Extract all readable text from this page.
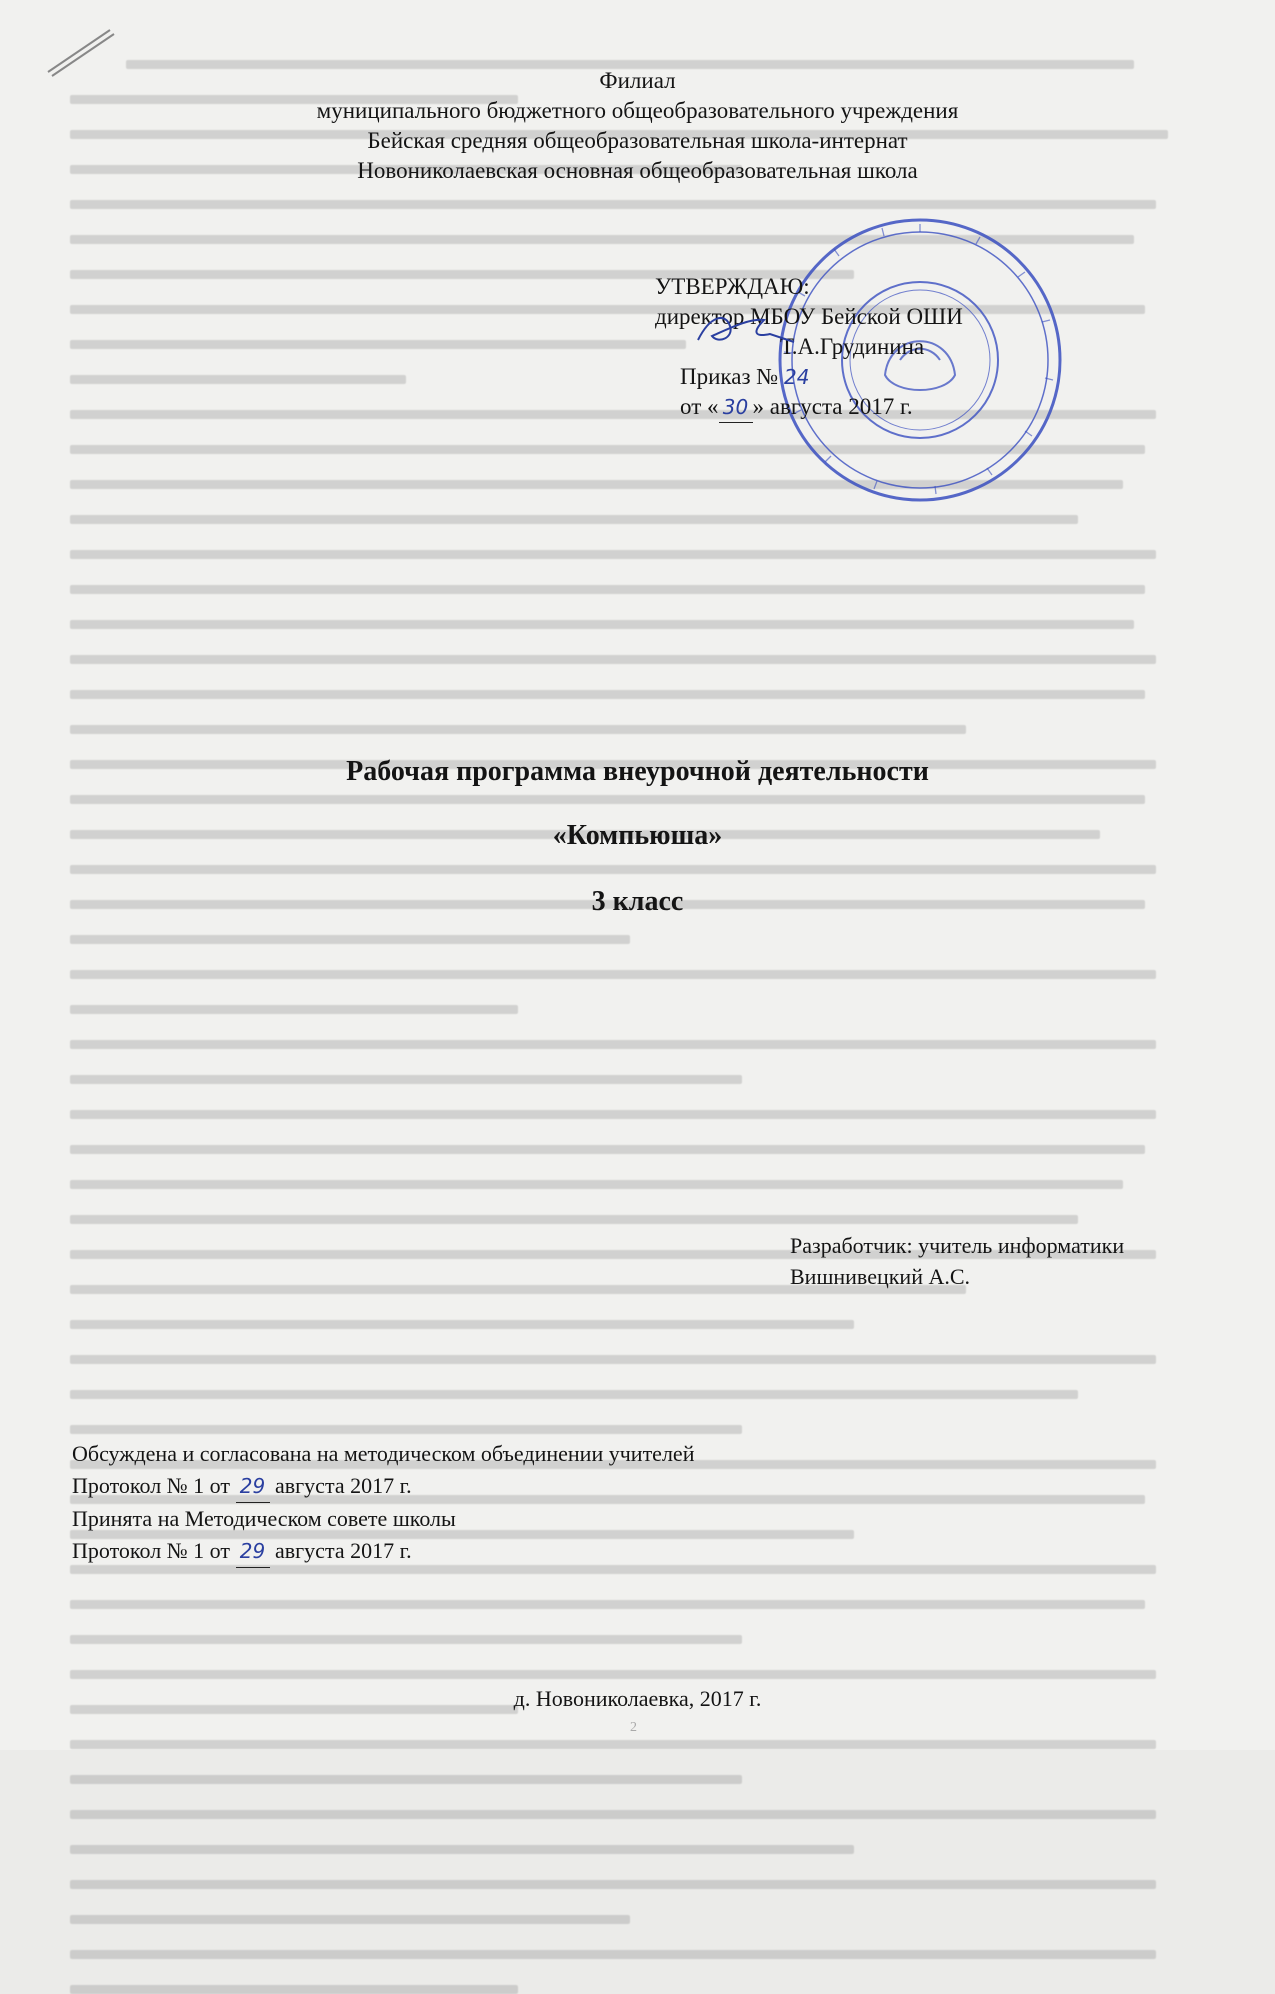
Филиал
муниципального бюджетного общеобразовательного учреждения
Бейская средняя общеобразовательная школа-интернат
Новониколаевская основная общеобразовательная школа
УТВЕРЖДАЮ:
директор МБОУ Бейской ОШИ
Т.А.Грудинина
Приказ № 24
от « 30 » августа 2017 г.
Рабочая программа внеурочной деятельности
«Компьюша»
3 класс
Разработчик: учитель информатики
Вишнивецкий А.С.
Обсуждена и согласована на методическом объединении учителей
Протокол № 1 от 29 августа 2017 г.
Принята на Методическом совете школы
Протокол № 1 от 29 августа 2017 г.
д. Новониколаевка, 2017 г.
2
